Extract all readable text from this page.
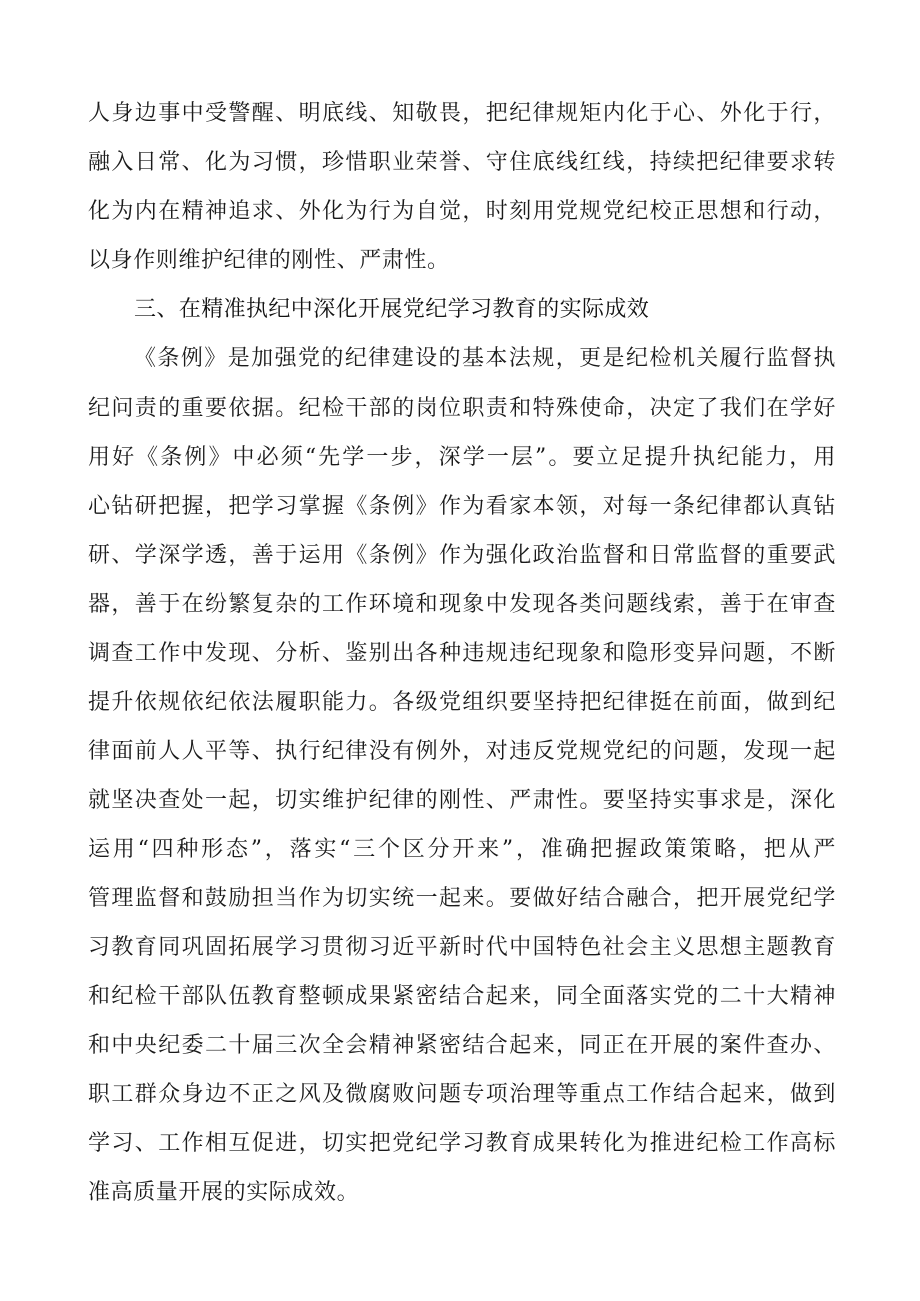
人身边事中受警醒、明底线、知敬畏，把纪律规矩内化于心、外化于行，
融入日常、化为习惯，珍惜职业荣誉、守住底线红线，持续把纪律要求转
化为内在精神追求、外化为行为自觉，时刻用党规党纪校正思想和行动，
以身作则维护纪律的刚性、严肃性。
三、在精准执纪中深化开展党纪学习教育的实际成效
《条例》是加强党的纪律建设的基本法规，更是纪检机关履行监督执
纪问责的重要依据。纪检干部的岗位职责和特殊使命，决定了我们在学好
用好《条例》中必须“先学一步，深学一层”。要立足提升执纪能力，用
心钻研把握，把学习掌握《条例》作为看家本领，对每一条纪律都认真钻
研、学深学透，善于运用《条例》作为强化政治监督和日常监督的重要武
器，善于在纷繁复杂的工作环境和现象中发现各类问题线索，善于在审查
调查工作中发现、分析、鉴别出各种违规违纪现象和隐形变异问题，不断
提升依规依纪依法履职能力。各级党组织要坚持把纪律挺在前面，做到纪
律面前人人平等、执行纪律没有例外，对违反党规党纪的问题，发现一起
就坚决查处一起，切实维护纪律的刚性、严肃性。要坚持实事求是，深化
运用“四种形态”，落实“三个区分开来”，准确把握政策策略，把从严
管理监督和鼓励担当作为切实统一起来。要做好结合融合，把开展党纪学
习教育同巩固拓展学习贯彻习近平新时代中国特色社会主义思想主题教育
和纪检干部队伍教育整顿成果紧密结合起来，同全面落实党的二十大精神
和中央纪委二十届三次全会精神紧密结合起来，同正在开展的案件查办、
职工群众身边不正之风及微腐败问题专项治理等重点工作结合起来，做到
学习、工作相互促进，切实把党纪学习教育成果转化为推进纪检工作高标
准高质量开展的实际成效。
